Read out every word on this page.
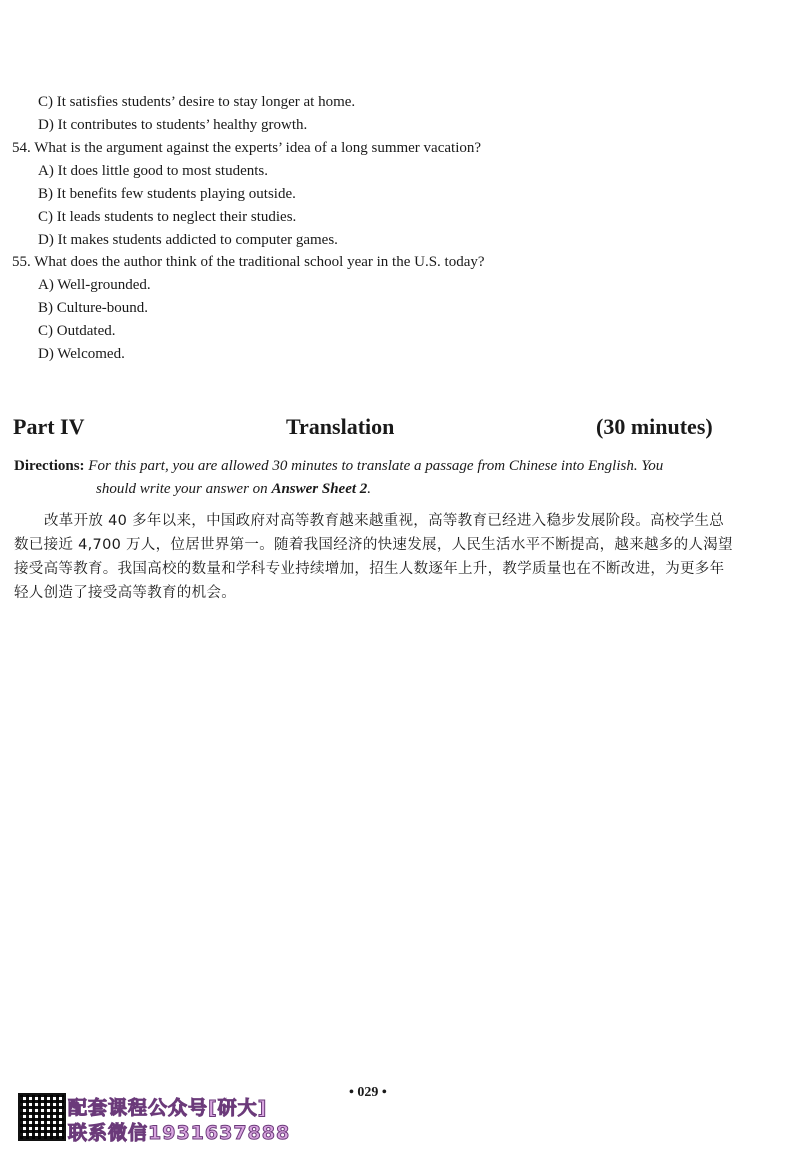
C) It satisfies students’ desire to stay longer at home.
D) It contributes to students’ healthy growth.
54. What is the argument against the experts’ idea of a long summer vacation?
A) It does little good to most students.
B) It benefits few students playing outside.
C) It leads students to neglect their studies.
D) It makes students addicted to computer games.
55. What does the author think of the traditional school year in the U.S. today?
A) Well-grounded.
B) Culture-bound.
C) Outdated.
D) Welcomed.
Part IV	Translation	(30 minutes)
Directions: For this part, you are allowed 30 minutes to translate a passage from Chinese into English. You
should write your answer on Answer Sheet 2.
改革开放 40 多年以来，中国政府对高等教育越来越重视，高等教育已经进入稳步发展阶段。高校学生总数已接近 4,700 万人，位居世界第一。随着我国经济的快速发展，人民生活水平不断提高，越来越多的人渴望接受高等教育。我国高校的数量和学科专业持续增加，招生人数逐年上升，教学质量也在不断改进，为更多年轻人创造了接受高等教育的机会。
• 029 •
配套课程公众号[研大]
联系微信1931637888
